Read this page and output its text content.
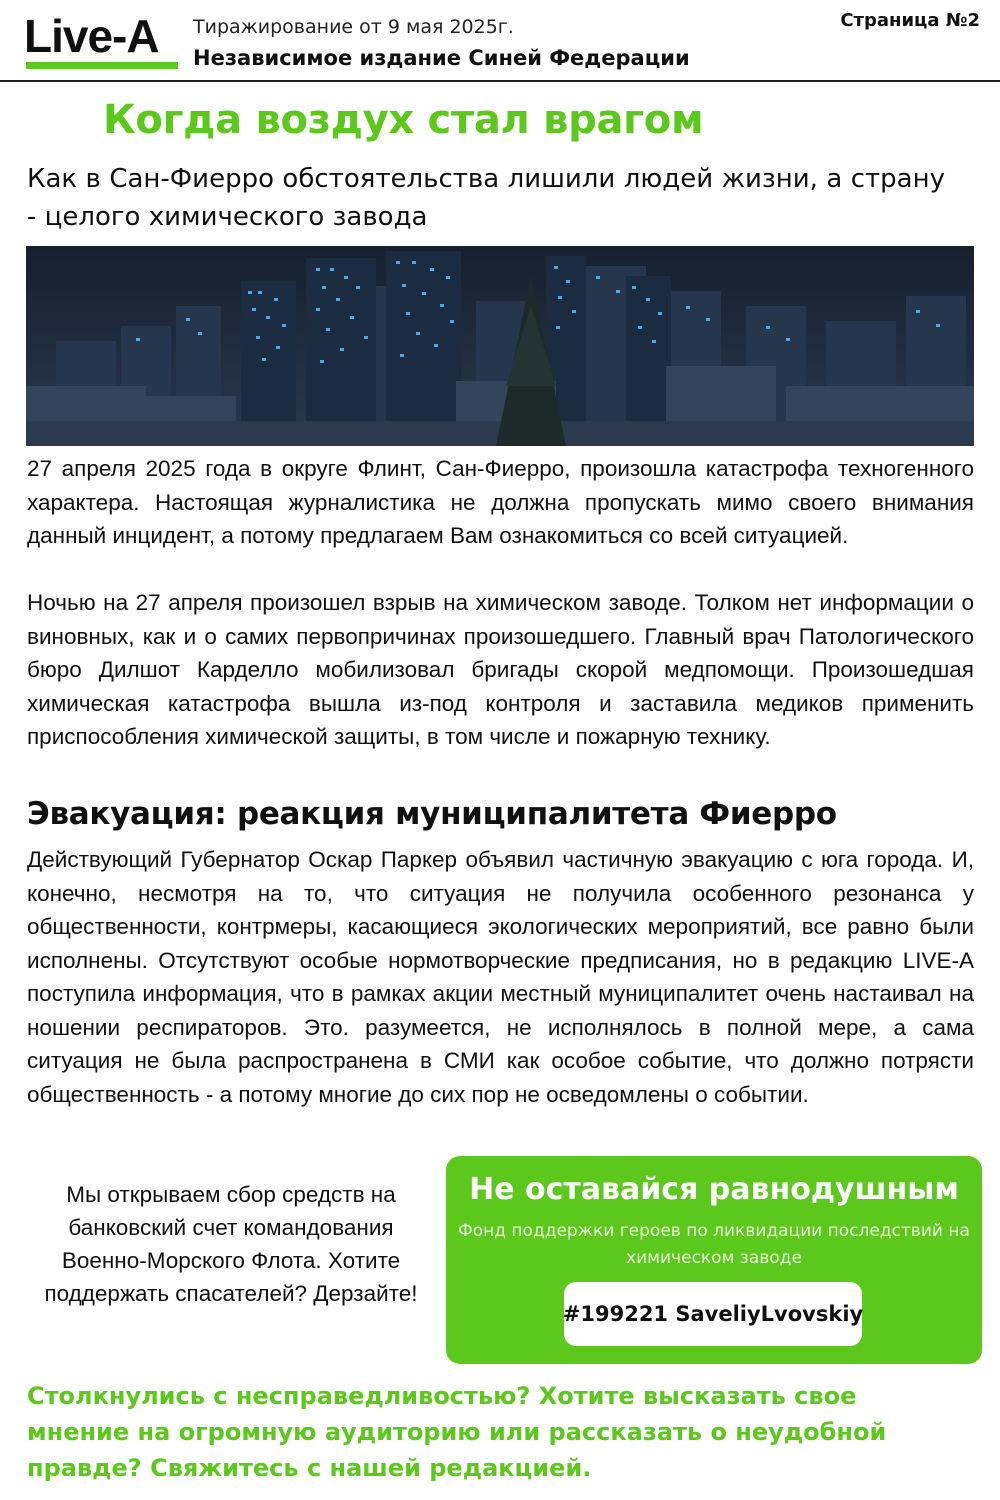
Live-A Тиражирование от 9 мая 2025г.
Независимое издание Синей Федерации
Страница №2
Когда воздух стал врагом
Как в Сан-Фиерро обстоятельства лишили людей жизни, а страну - целого химического завода

27 апреля 2025 года в округе Флинт, Сан-Фиерро, произошла катастрофа техногенного характера. Настоящая журналистика не должна пропускать мимо своего внимания данный инцидент, а потому предлагаем Вам ознакомиться со всей ситуацией.

Ночью на 27 апреля произошел взрыв на химическом заводе. Толком нет информации о виновных, как и о самих первопричинах произошедшего. Главный врач Патологического бюро Дилшот Карделло мобилизовал бригады скорой медпомощи. Произошедшая химическая катастрофа вышла из-под контроля и заставила медиков применить приспособления химической защиты, в том числе и пожарную технику.

Эвакуация: реакция муниципалитета Фиерро

Действующий Губернатор Оскар Паркер объявил частичную эвакуацию с юга города. И, конечно, несмотря на то, что ситуация не получила особенного резонанса у общественности, контрмеры, касающиеся экологических мероприятий, все равно были исполнены. Отсутствуют особые нормотворческие предписания, но в редакцию LIVE-A поступила информация, что в рамках акции местный муниципалитет очень настаивал на ношении респираторов. Это. разумеется, не исполнялось в полной мере, а сама ситуация не была распространена в СМИ как особое событие, что должно потрясти общественность - а потому многие до сих пор не осведомлены о событии.

Мы открываем сбор средств на банковский счет командования Военно-Морского Флота. Хотите поддержать спасателей? Дерзайте!
Не оставайся равнодушным
Фонд поддержки героев по ликвидации последствий на химическом заводе
#199221 SaveliyLvovskiy
Столкнулись с несправедливостью? Хотите высказать свое мнение на огромную аудиторию или рассказать о неудобной правде? Свяжитесь с нашей редакцией.
